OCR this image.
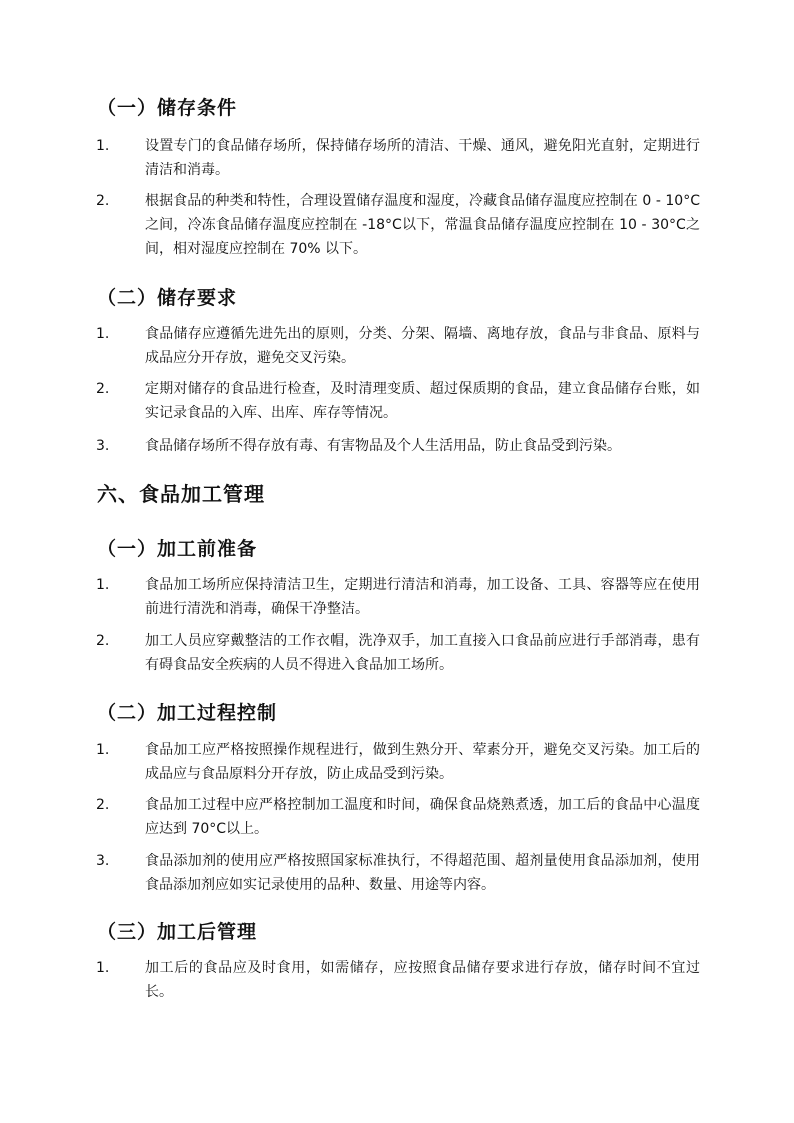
（一）储存条件
1.	设置专门的食品储存场所，保持储存场所的清洁、干燥、通风，避免阳光直射，定期进行清洁和消毒。
2.	根据食品的种类和特性，合理设置储存温度和湿度，冷藏食品储存温度应控制在 0 - 10°C之间，冷冻食品储存温度应控制在 -18°C以下，常温食品储存温度应控制在 10 - 30°C之间，相对湿度应控制在 70% 以下。
（二）储存要求
1.	食品储存应遵循先进先出的原则，分类、分架、隔墙、离地存放，食品与非食品、原料与成品应分开存放，避免交叉污染。
2.	定期对储存的食品进行检查，及时清理变质、超过保质期的食品，建立食品储存台账，如实记录食品的入库、出库、库存等情况。
3.	食品储存场所不得存放有毒、有害物品及个人生活用品，防止食品受到污染。
六、食品加工管理
（一）加工前准备
1.	食品加工场所应保持清洁卫生，定期进行清洁和消毒，加工设备、工具、容器等应在使用前进行清洗和消毒，确保干净整洁。
2.	加工人员应穿戴整洁的工作衣帽，洗净双手，加工直接入口食品前应进行手部消毒，患有有碍食品安全疾病的人员不得进入食品加工场所。
（二）加工过程控制
1.	食品加工应严格按照操作规程进行，做到生熟分开、荤素分开，避免交叉污染。加工后的成品应与食品原料分开存放，防止成品受到污染。
2.	食品加工过程中应严格控制加工温度和时间，确保食品烧熟煮透，加工后的食品中心温度应达到 70°C以上。
3.	食品添加剂的使用应严格按照国家标准执行，不得超范围、超剂量使用食品添加剂，使用食品添加剂应如实记录使用的品种、数量、用途等内容。
（三）加工后管理
1.	加工后的食品应及时食用，如需储存，应按照食品储存要求进行存放，储存时间不宜过长。
